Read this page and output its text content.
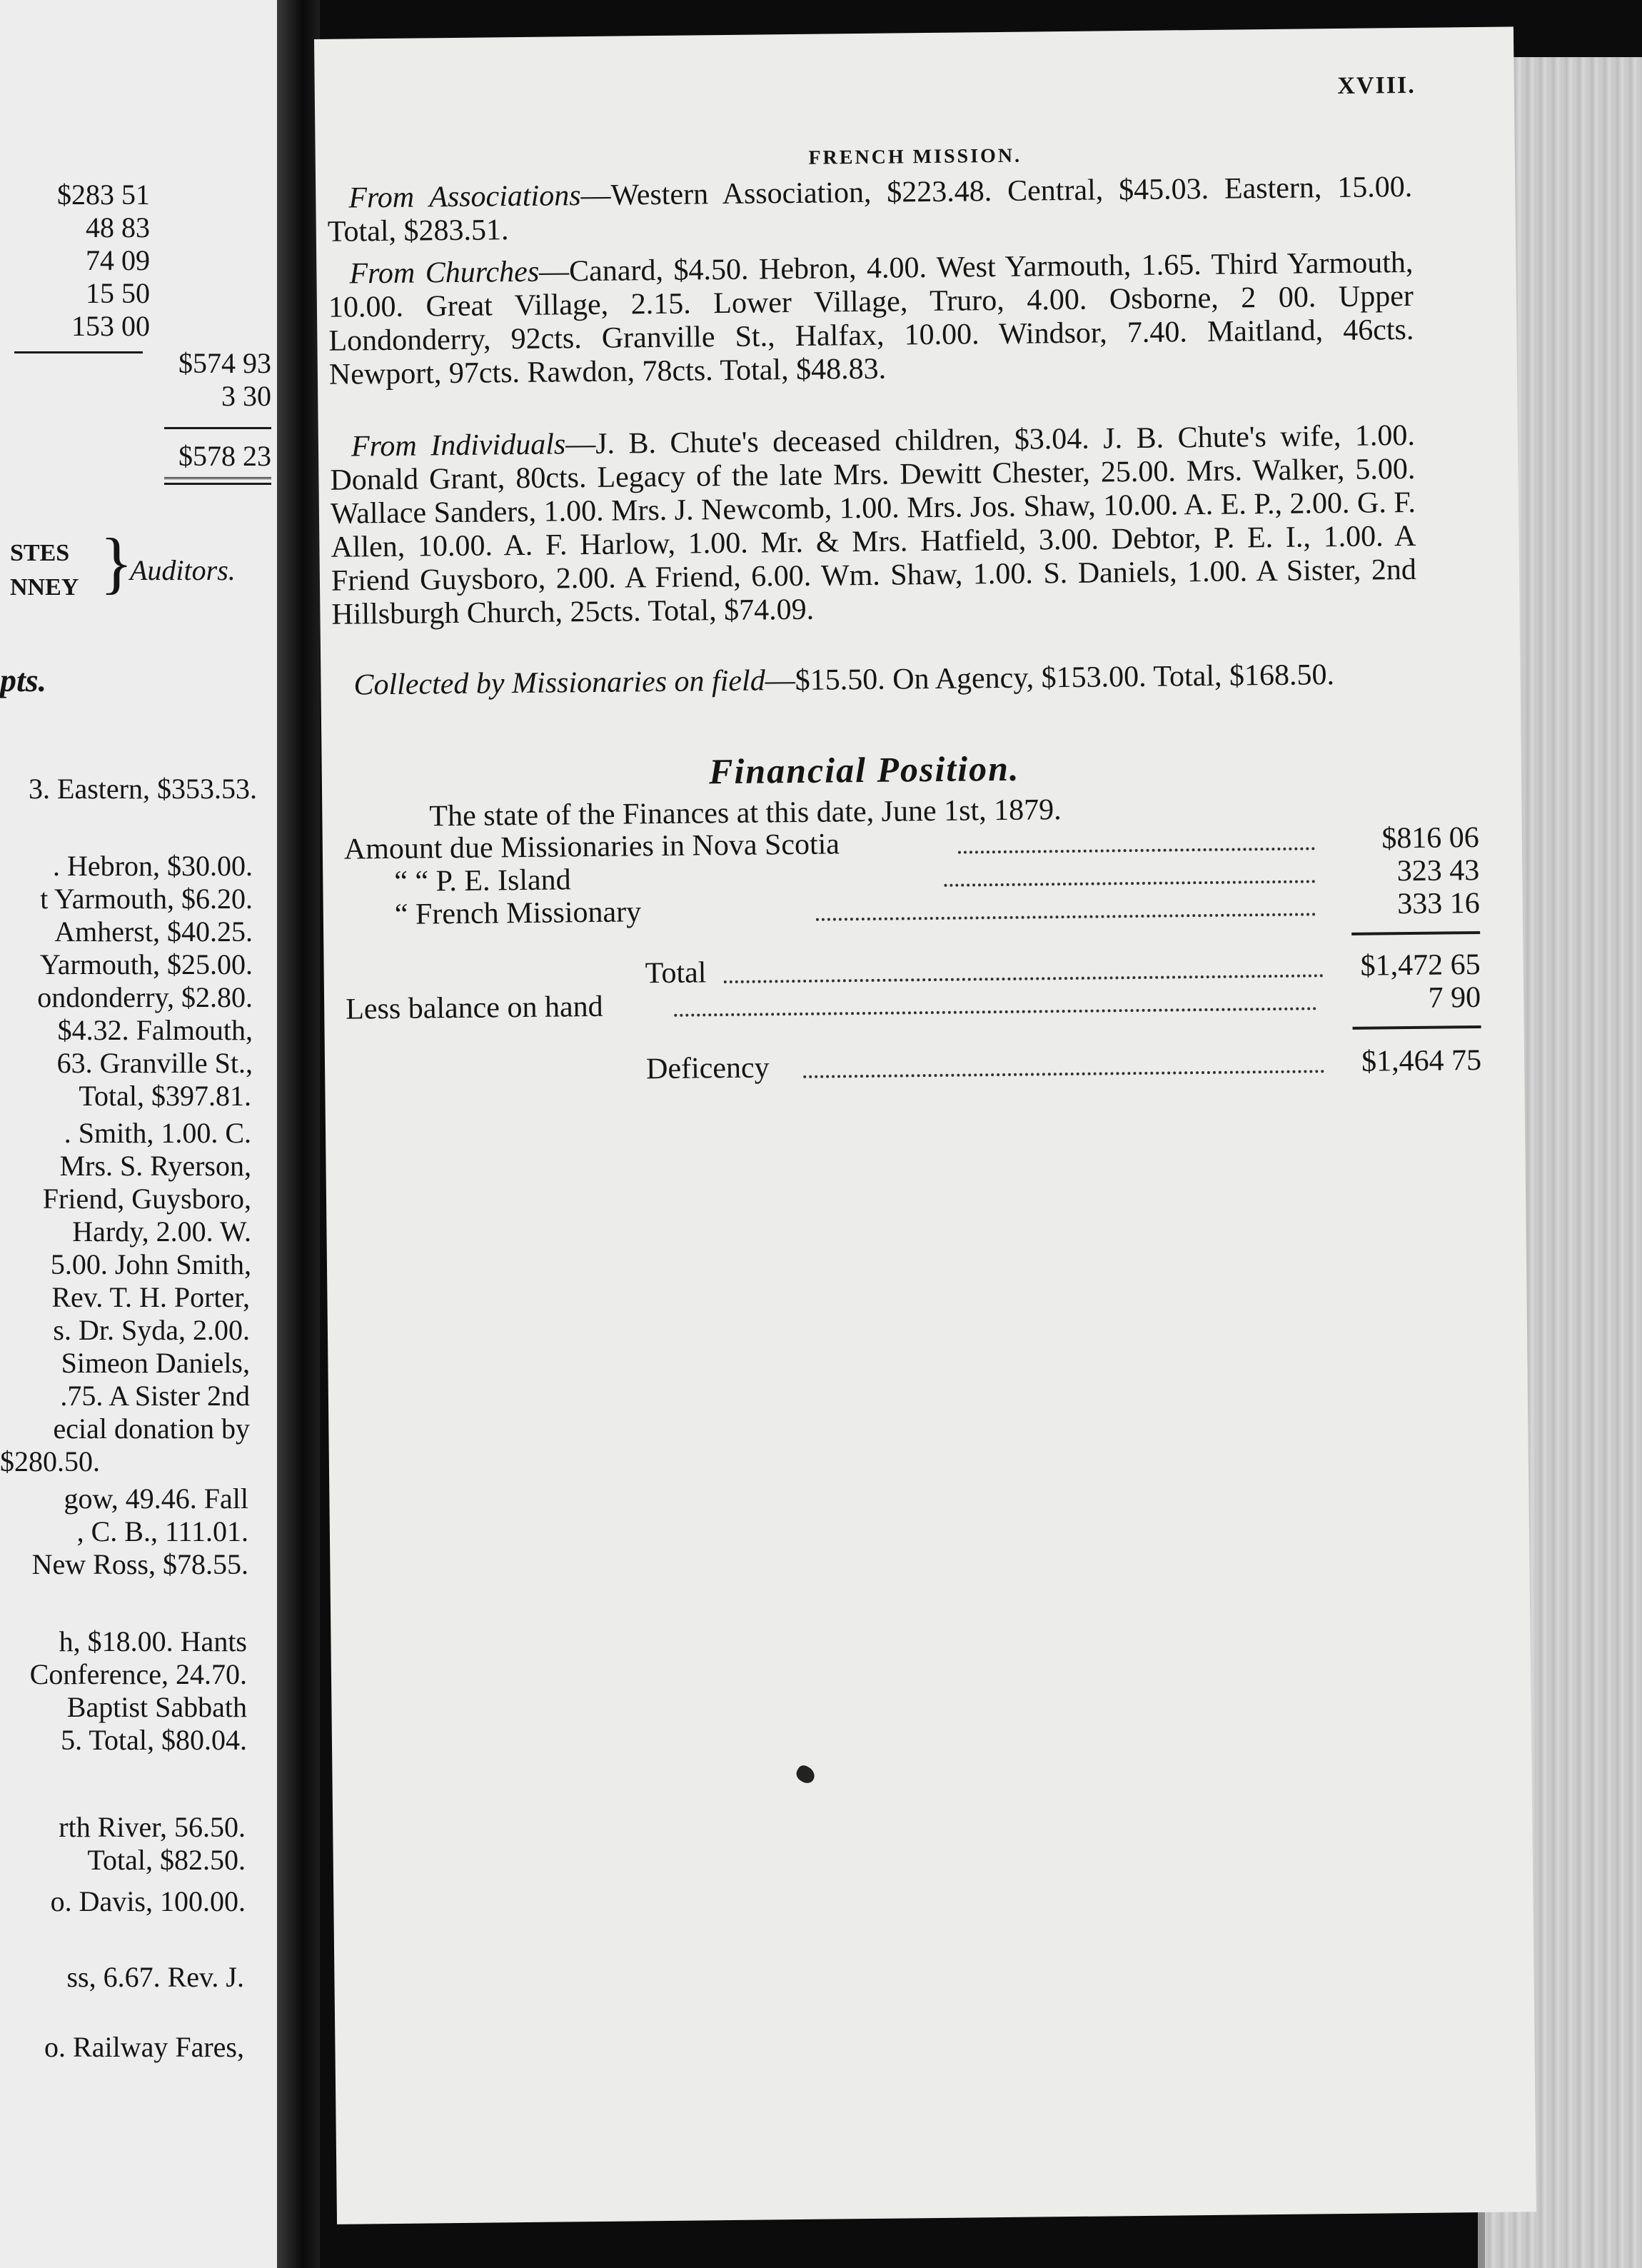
$283 51
48 83
74 09
15 50
153 00
$574 93
3 30
$578 23
STES
NNEY }
Auditors.
pts.
3. Eastern, $353.53.
. Hebron, $30.00.
t Yarmouth, $6.20.
Amherst, $40.25.
Yarmouth, $25.00.
ondonderry, $2.80.
$4.32. Falmouth,
63. Granville St.,
Total, $397.81.
. Smith, 1.00. C.
Mrs. S. Ryerson,
Friend, Guysboro,
Hardy, 2.00. W.
5.00. John Smith,
Rev. T. H. Porter,
s. Dr. Syda, 2.00.
Simeon Daniels,
.75. A Sister 2nd
ecial donation by
$280.50.
gow, 49.46. Fall
, C. B., 111.01.
New Ross, $78.55.
h, $18.00. Hants
Conference, 24.70.
Baptist Sabbath
5. Total, $80.04.
rth River, 56.50.
Total, $82.50.
o. Davis, 100.00.
ss, 6.67. Rev. J.
o. Railway Fares,
XVIII.
FRENCH MISSION.
From Associations—Western Association, $223.48. Central, $45.03. Eastern, 15.00. Total, $283.51.
From Churches—Canard, $4.50. Hebron, 4.00. West Yarmouth, 1.65. Third Yarmouth, 10.00. Great Village, 2.15. Lower Village, Truro, 4.00. Osborne, 2 00. Upper Londonderry, 92cts. Granville St., Halfax, 10.00. Windsor, 7.40. Maitland, 46cts. Newport, 97cts. Rawdon, 78cts. Total, $48.83.
From Individuals—J. B. Chute's deceased children, $3.04. J. B. Chute's wife, 1.00. Donald Grant, 80cts. Legacy of the late Mrs. Dewitt Chester, 25.00. Mrs. Walker, 5.00. Wallace Sanders, 1.00. Mrs. J. Newcomb, 1.00. Mrs. Jos. Shaw, 10.00. A. E. P., 2.00. G. F. Allen, 10.00. A. F. Harlow, 1.00. Mr. & Mrs. Hatfield, 3.00. Debtor, P. E. I., 1.00. A Friend Guysboro, 2.00. A Friend, 6.00. Wm. Shaw, 1.00. S. Daniels, 1.00. A Sister, 2nd Hillsburgh Church, 25cts. Total, $74.09.
Collected by Missionaries on field—$15.50. On Agency, $153.00. Total, $168.50.
Financial Position.
The state of the Finances at this date, June 1st, 1879.
Amount due Missionaries in Nova Scotia	$816 06
“ “ P. E. Island	323 43
“ French Missionary	333 16
Total	$1,472 65
Less balance on hand	7 90
Deficency	$1,464 75
